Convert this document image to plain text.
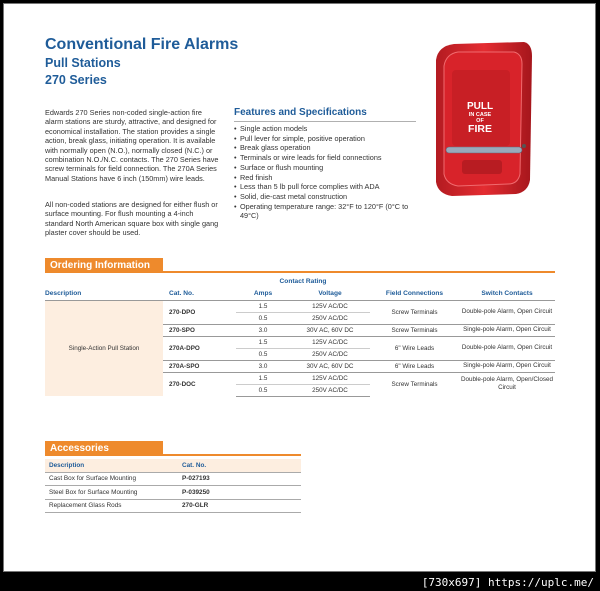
Conventional Fire Alarms
Pull Stations
270 Series

Edwards 270 Series non-coded single-action fire alarm stations are sturdy, attractive, and designed for economical installation. The station provides a single action, break glass, initiating operation. It is available with normally open (N.O.), normally closed (N.C.) or combination N.O./N.C. contacts. The 270 Series have screw terminals for field connection. The 270A Series Manual Stations have 6 inch (150mm) wire leads.

All non-coded stations are designed for either flush or surface mounting. For flush mounting a 4-inch standard North American square box with single gang plaster cover should be used.

Features and Specifications
• Single action models
• Pull lever for simple, positive operation
• Break glass operation
• Terminals or wire leads for field connections
• Surface or flush mounting
• Red finish
• Less than 5 lb pull force complies with ADA
• Solid, die-cast metal construction
• Operating temperature range: 32°F to 120°F (0°C to 49°C)
PULL
IN CASE
OF
FIRE
Ordering Information
		Contact Rating			
Description	Cat. No.	Amps	Voltage	Field Connections	Switch Contacts
Single-Action Pull Station	270-DPO	1.5	125V AC/DC	Screw Terminals	Double-pole Alarm, Open Circuit
		0.5	250V AC/DC		
	270-SPO	3.0	30V AC, 60V DC	Screw Terminals	Single-pole Alarm, Open Circuit

	270A-DPO	1.5	125V AC/DC	6" Wire Leads	Double-pole Alarm, Open Circuit
		0.5	250V AC/DC		
	270A-SPO	3.0	30V AC, 60V DC	6" Wire Leads	Single-pole Alarm, Open Circuit

	270-DOC	1.5	125V AC/DC	Screw Terminals	Double-pole Alarm, Open/Closed Circuit
		0.5	250V AC/DC		
Accessories
Description	Cat. No.
Cast Box for Surface Mounting	P-027193
Steel Box for Surface Mounting	P-039250
Replacement Glass Rods	270-GLR
[730x697] https://uplc.me/
